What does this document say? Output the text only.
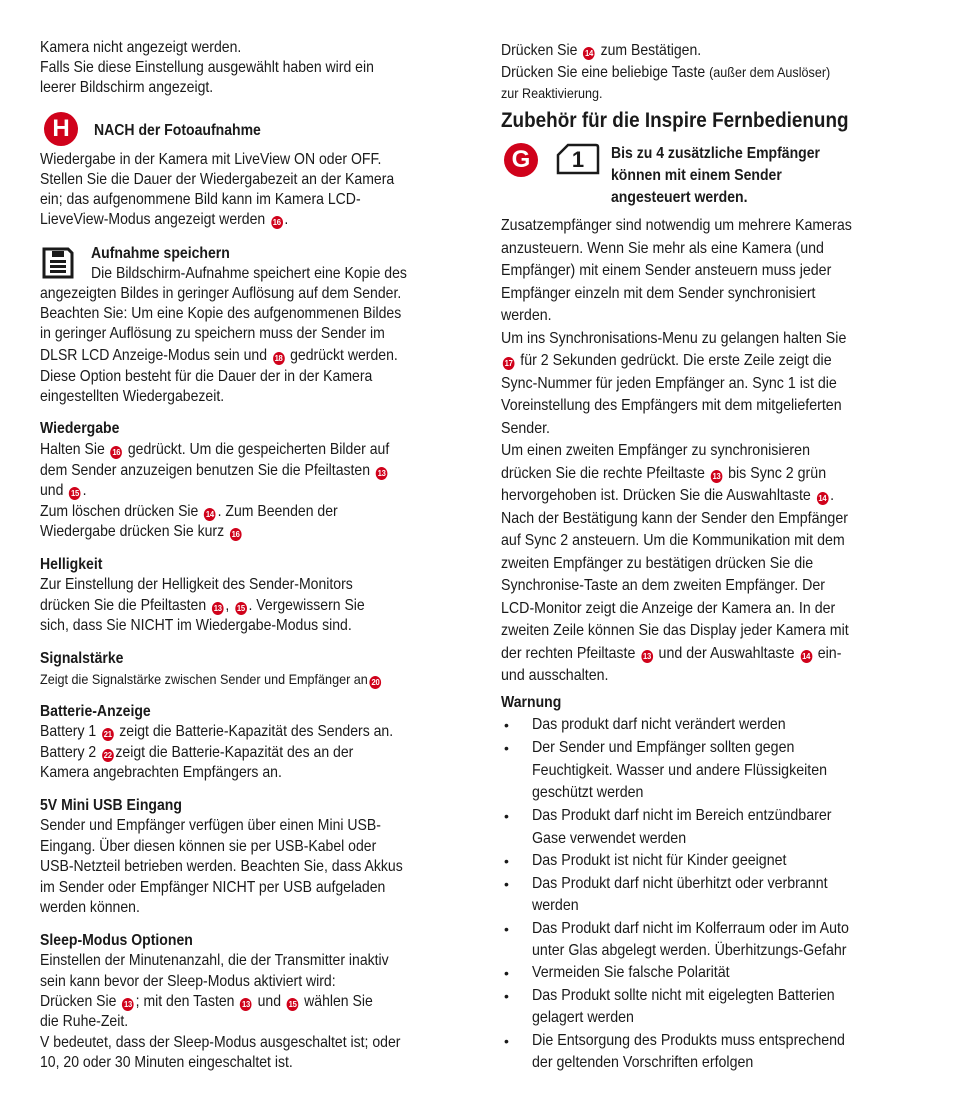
Kamera nicht angezeigt werden.
Falls Sie diese Einstellung ausgewählt haben wird ein
leerer Bildschirm angezeigt.
H	NACH der Fotoaufnahme
Wiedergabe in der Kamera mit LiveView ON oder OFF.
Stellen Sie die Dauer der Wiedergabezeit an der Kamera
ein; das aufgenommene Bild kann im Kamera LCD-
LieveView-Modus angezeigt werden 16 .
Aufnahme speichern
Die Bildschirm-Aufnahme speichert eine Kopie des
angezeigten Bildes in geringer Auflösung auf dem Sender.
Beachten Sie: Um eine Kopie des aufgenommenen Bildes
in geringer Auflösung zu speichern muss der Sender im
DLSR LCD Anzeige-Modus sein und 18 gedrückt werden.
Diese Option besteht für die Dauer der in der Kamera
eingestellten Wiedergabezeit.
Wiedergabe
Halten Sie 16 gedrückt. Um die gespeicherten Bilder auf
dem Sender anzuzeigen benutzen Sie die Pfeiltasten 13
und 15 .
Zum löschen drücken Sie 14 . Zum Beenden der
Wiedergabe drücken Sie kurz 16
Helligkeit
Zur Einstellung der Helligkeit des Sender-Monitors
drücken Sie die Pfeiltasten 13 , 15 . Vergewissern Sie
sich, dass Sie NICHT im Wiedergabe-Modus sind.
Signalstärke
Zeigt die Signalstärke zwischen Sender und Empfänger an 20
Batterie-Anzeige
Battery 1 21 zeigt die Batterie-Kapazität des Senders an.
Battery 2 22 zeigt die Batterie-Kapazität des an der
Kamera angebrachten Empfängers an.
5V Mini USB Eingang
Sender und Empfänger verfügen über einen Mini USB-
Eingang. Über diesen können sie per USB-Kabel oder
USB-Netzteil betrieben werden. Beachten Sie, dass Akkus
im Sender oder Empfänger NICHT per USB aufgeladen
werden können.
Sleep-Modus Optionen
Einstellen der Minutenanzahl, die der Transmitter inaktiv
sein kann bevor der Sleep-Modus aktiviert wird:
Drücken Sie 13 ; mit den Tasten 13 und 15 wählen Sie
die Ruhe-Zeit.
V bedeutet, dass der Sleep-Modus ausgeschaltet ist; oder
10, 20 oder 30 Minuten eingeschaltet ist.
Drücken Sie 14 zum Bestätigen.
Drücken Sie eine beliebige Taste (außer dem Auslöser)
zur Reaktivierung.
Zubehör für die Inspire Fernbedienung
G	1	Bis zu 4 zusätzliche Empfänger
können mit einem Sender
angesteuert werden.
Zusatzempfänger sind notwendig um mehrere Kameras
anzusteuern. Wenn Sie mehr als eine Kamera (und
Empfänger) mit einem Sender ansteuern muss jeder
Empfänger einzeln mit dem Sender synchronisiert
werden.
Um ins Synchronisations-Menu zu gelangen halten Sie
17 für 2 Sekunden gedrückt. Die erste Zeile zeigt die
Sync-Nummer für jeden Empfänger an. Sync 1 ist die
Voreinstellung des Empfängers mit dem mitgelieferten
Sender.
Um einen zweiten Empfänger zu synchronisieren
drücken Sie die rechte Pfeiltaste 13 bis Sync 2 grün
hervorgehoben ist. Drücken Sie die Auswahltaste 14 .
Nach der Bestätigung kann der Sender den Empfänger
auf Sync 2 ansteuern. Um die Kommunikation mit dem
zweiten Empfänger zu bestätigen drücken Sie die
Synchronise-Taste an dem zweiten Empfänger. Der
LCD-Monitor zeigt die Anzeige der Kamera an. In der
zweiten Zeile können Sie das Display jeder Kamera mit
der rechten Pfeiltaste 13 und der Auswahltaste 14 ein-
und ausschalten.
Warnung
• Das produkt darf nicht verändert werden
• Der Sender und Empfänger sollten gegen
Feuchtigkeit. Wasser und andere Flüssigkeiten
geschützt werden
• Das Produkt darf nicht im Bereich entzündbarer
Gase verwendet werden
• Das Produkt ist nicht für Kinder geeignet
• Das Produkt darf nicht überhitzt oder verbrannt
werden
• Das Produkt darf nicht im Kolferraum oder im Auto
unter Glas abgelegt werden. Überhitzungs-Gefahr
• Vermeiden Sie falsche Polarität
• Das Produkt sollte nicht mit eigelegten Batterien
gelagert werden
• Die Entsorgung des Produkts muss entsprechend
der geltenden Vorschriften erfolgen
